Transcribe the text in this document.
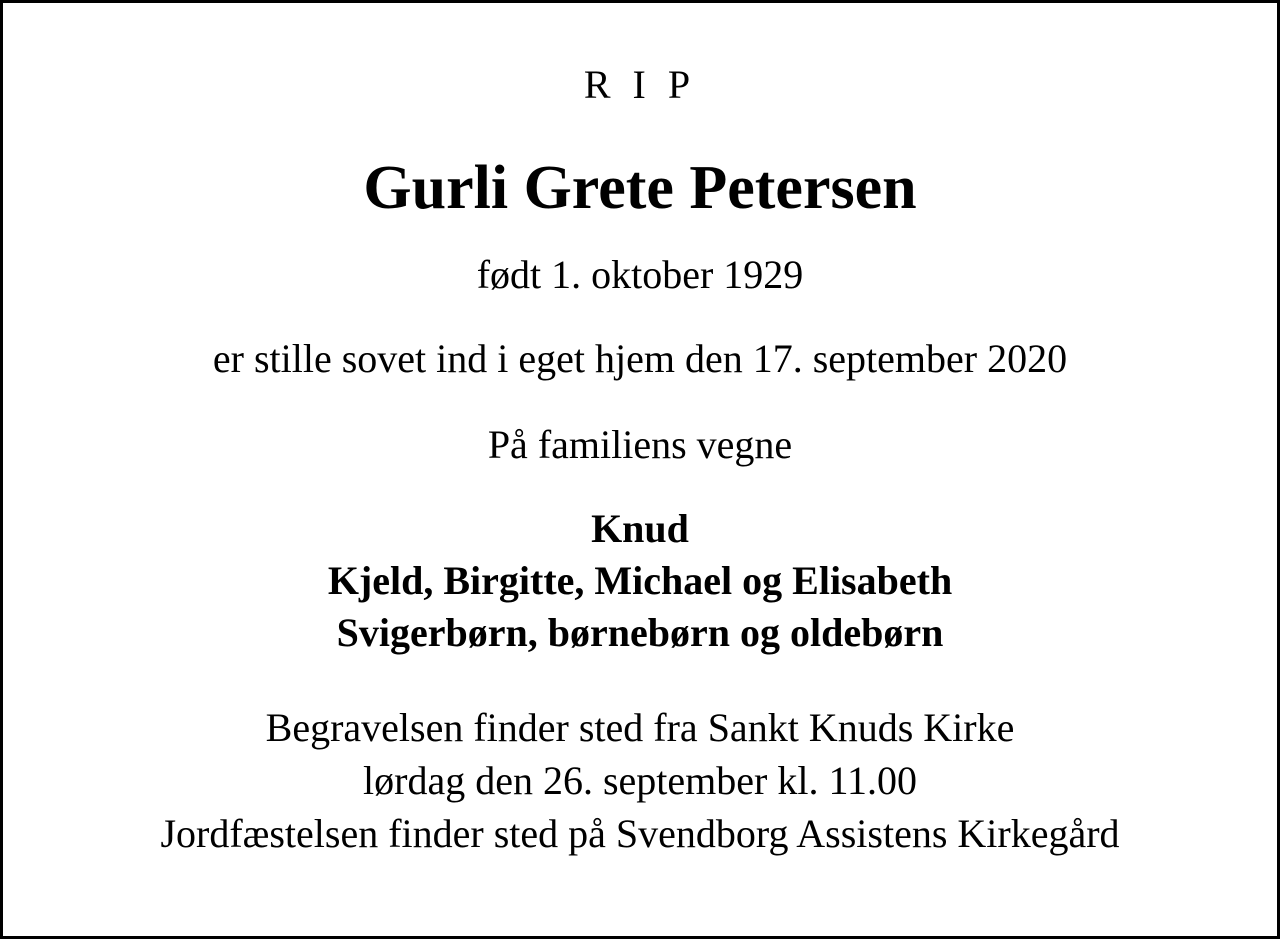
R I P

Gurli Grete Petersen

født 1. oktober 1929

er stille sovet ind i eget hjem den 17. september 2020

På familiens vegne

Knud
Kjeld, Birgitte, Michael og Elisabeth
Svigerbørn, børnebørn og oldebørn
Begravelsen finder sted fra Sankt Knuds Kirke
lørdag den 26. september kl. 11.00
Jordfæstelsen finder sted på Svendborg Assistens Kirkegård
